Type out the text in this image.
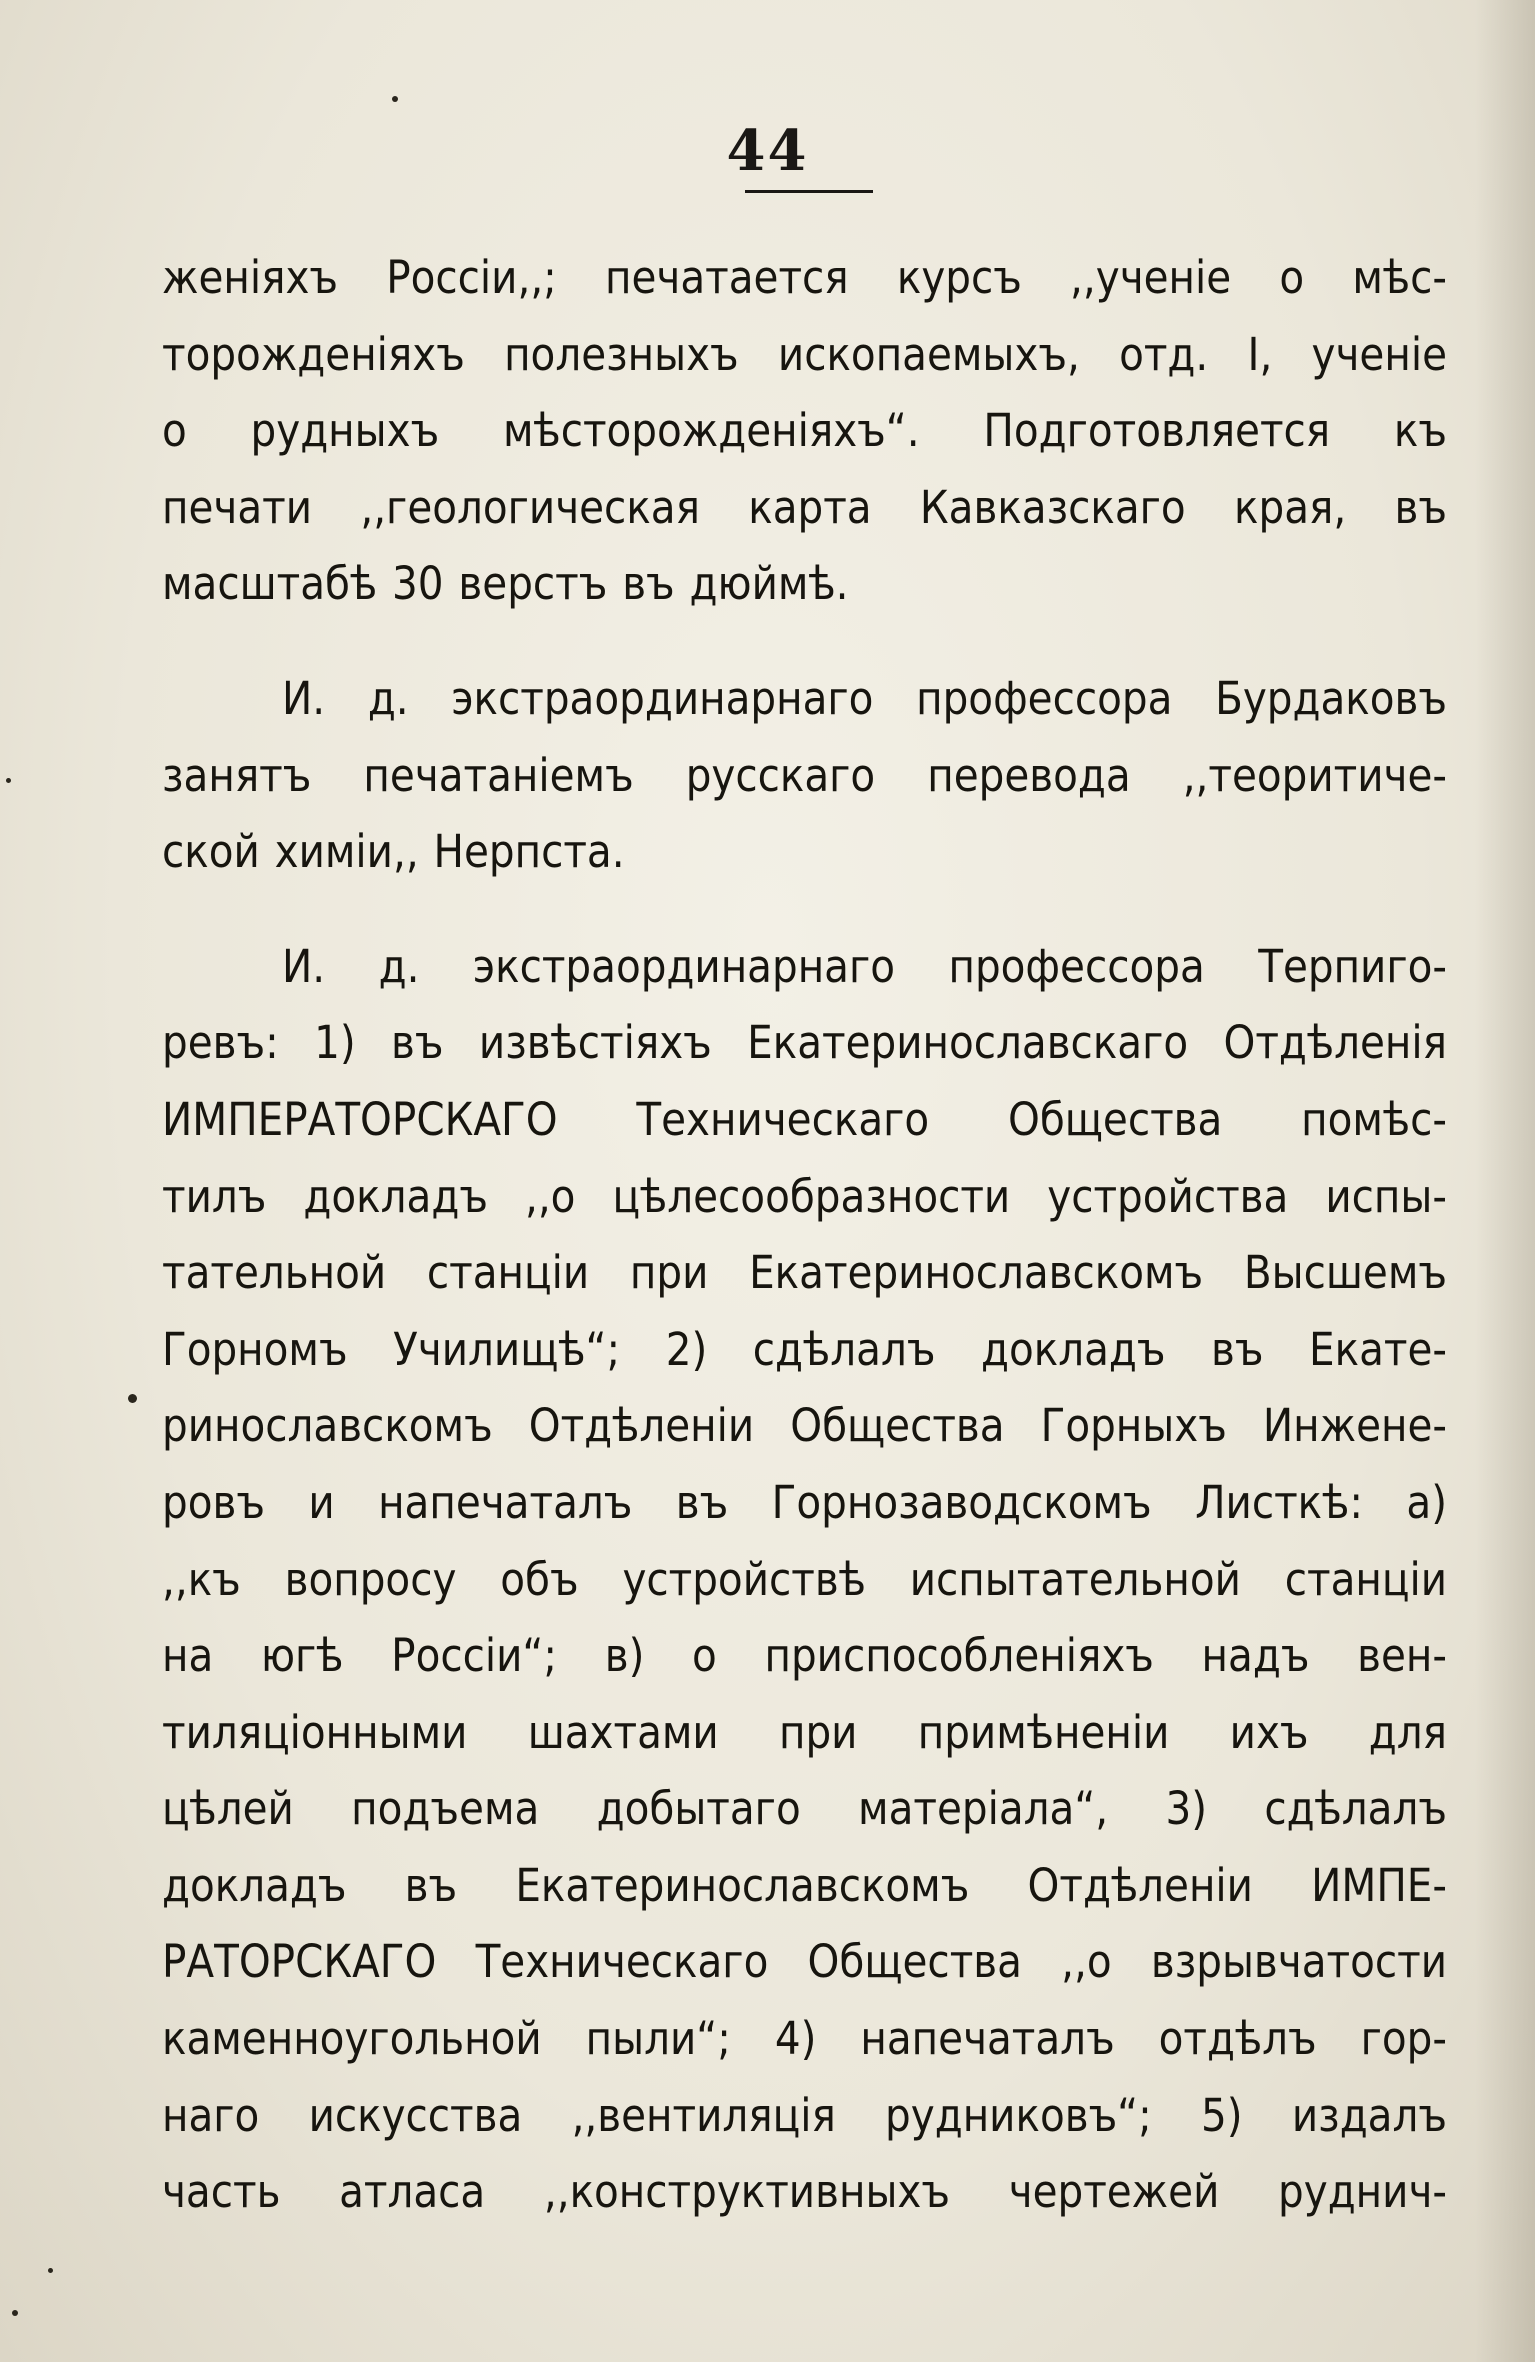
44
женіяхъ Россіи,,; печатается курсъ ,,ученіе о мѣс-
торожденіяхъ полезныхъ ископаемыхъ, отд. I, ученіе
о рудныхъ мѣсторожденіяхъ“. Подготовляется къ
печати ,,геологическая карта Кавказскаго края, въ
масштабѣ 30 верстъ въ дюймѣ.
И. д. экстраординарнаго профессора Бурдаковъ
занятъ печатаніемъ русскаго перевода ,,теоритиче-
ской химіи,, Нерпста.
И. д. экстраординарнаго профессора Терпиго-
ревъ: 1) въ извѣстіяхъ Екатеринославскаго Отдѣленія
ИМПЕРАТОРСКАГО Техническаго Общества помѣс-
тилъ докладъ ,,о цѣлесообразности устройства испы-
тательной станціи при Екатеринославскомъ Высшемъ
Горномъ Училищѣ“; 2) сдѣлалъ докладъ въ Екате-
ринославскомъ Отдѣленіи Общества Горныхъ Инжене-
ровъ и напечаталъ въ Горнозаводскомъ Листкѣ: а)
,,къ вопросу объ устройствѣ испытательной станціи
на югѣ Россіи“; в) о приспособленіяхъ надъ вен-
тиляціонными шахтами при примѣненіи ихъ для
цѣлей подъема добытаго матеріала“, 3) сдѣлалъ
докладъ въ Екатеринославскомъ Отдѣленіи ИМПЕ-
РАТОРСКАГО Техническаго Общества ,,о взрывчатости
каменноугольной пыли“; 4) напечаталъ отдѣлъ гор-
наго искусства ,,вентиляція рудниковъ“; 5) издалъ
часть атласа ,,конструктивныхъ чертежей руднич-
